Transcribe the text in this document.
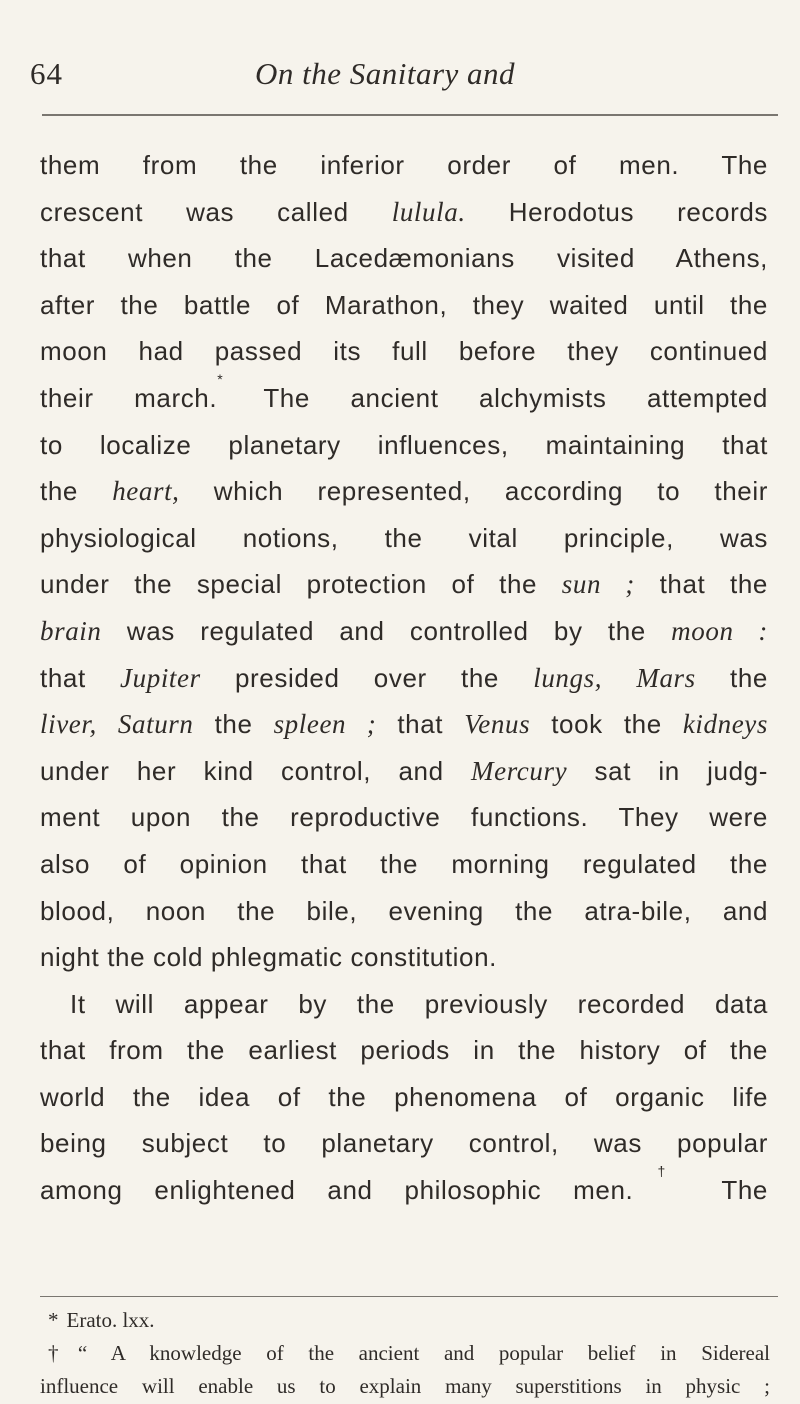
64	On the Sanitary and
them from the inferior order of men. The
crescent was called lulula. Herodotus records
that when the Lacedæmonians visited Athens,
after the battle of Marathon, they waited until the
moon had passed its full before they continued
their march.* The ancient alchymists attempted
to localize planetary influences, maintaining that
the heart, which represented, according to their
physiological notions, the vital principle, was
under the special protection of the sun ; that the
brain was regulated and controlled by the moon :
that Jupiter presided over the lungs, Mars the
liver, Saturn the spleen ; that Venus took the kidneys
under her kind control, and Mercury sat in judg-
ment upon the reproductive functions. They were
also of opinion that the morning regulated the
blood, noon the bile, evening the atra-bile, and
night the cold phlegmatic constitution.
It will appear by the previously recorded data
that from the earliest periods in the history of the
world the idea of the phenomena of organic life
being subject to planetary control, was popular
among enlightened and philosophic men.† The
* Erato. lxx.
†“ A knowledge of the ancient and popular belief in Sidereal
influence will enable us to explain many superstitions in physic ;
